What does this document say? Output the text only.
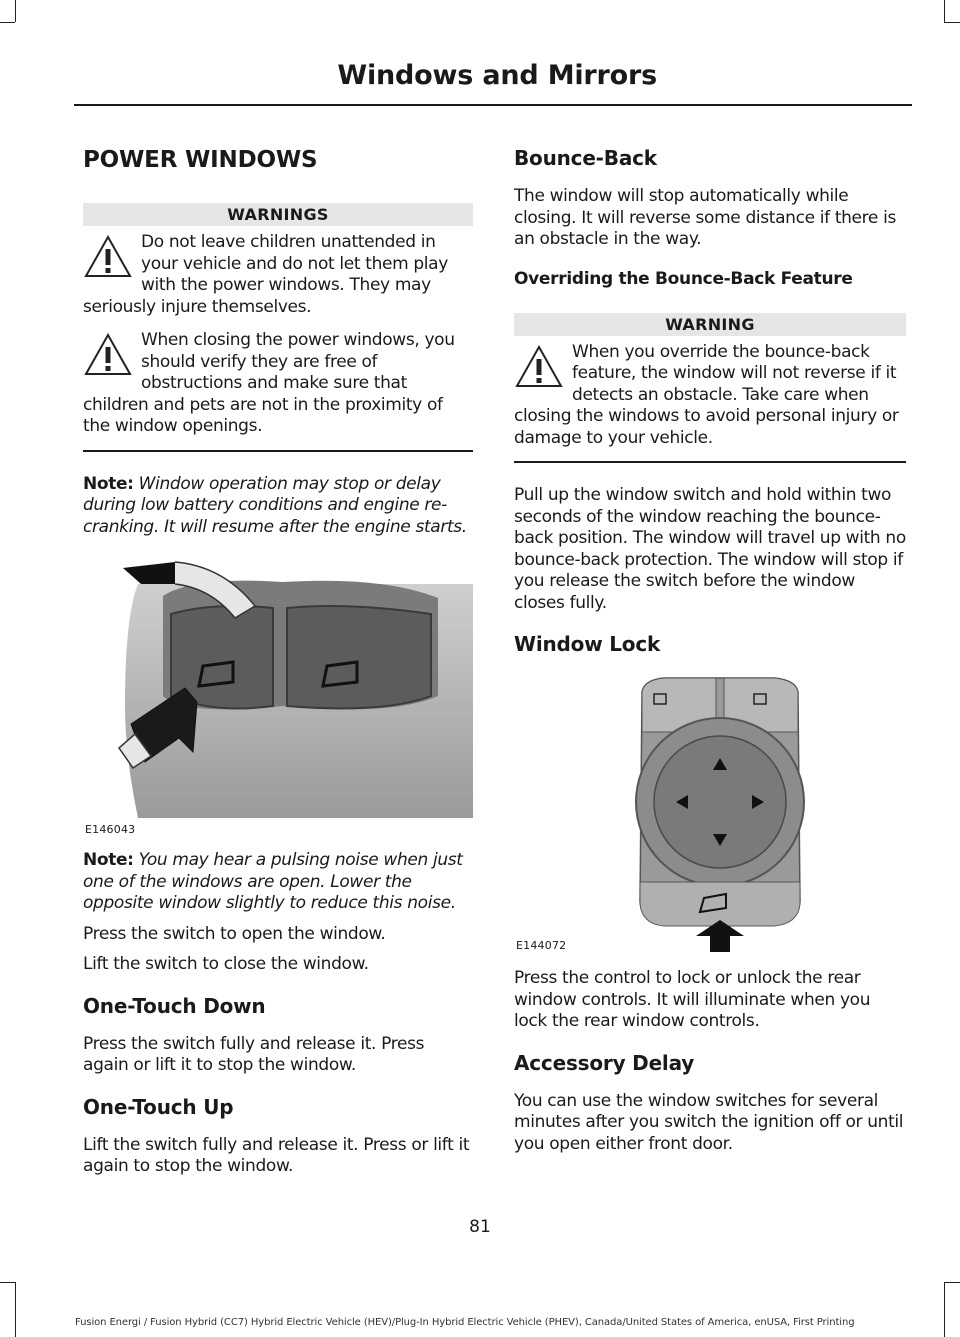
Windows and Mirrors
POWER WINDOWS
WARNINGS

Do not leave children unattended in your vehicle and do not let them play with the power windows. They may seriously injure themselves.

When closing the power windows, you should verify they are free of obstructions and make sure that children and pets are not in the proximity of the window openings.

Note: Window operation may stop or delay during low battery conditions and engine re-cranking. It will resume after the engine starts.

E146043

Note: You may hear a pulsing noise when just one of the windows are open. Lower the opposite window slightly to reduce this noise.

Press the switch to open the window.

Lift the switch to close the window.

One-Touch Down

Press the switch fully and release it. Press again or lift it to stop the window.

One-Touch Up

Lift the switch fully and release it. Press or lift it again to stop the window.

Bounce-Back

The window will stop automatically while closing. It will reverse some distance if there is an obstacle in the way.

Overriding the Bounce-Back Feature
WARNING

When you override the bounce-back feature, the window will not reverse if it detects an obstacle. Take care when closing the windows to avoid personal injury or damage to your vehicle.

Pull up the window switch and hold within two seconds of the window reaching the bounce-back position. The window will travel up with no bounce-back protection. The window will stop if you release the switch before the window closes fully.

Window Lock
E144072

Press the control to lock or unlock the rear window controls. It will illuminate when you lock the rear window controls.

Accessory Delay

You can use the window switches for several minutes after you switch the ignition off or until you open either front door.

81
Fusion Energi / Fusion Hybrid (CC7) Hybrid Electric Vehicle (HEV)/Plug-In Hybrid Electric Vehicle (PHEV), Canada/United States of America, enUSA, First Printing
